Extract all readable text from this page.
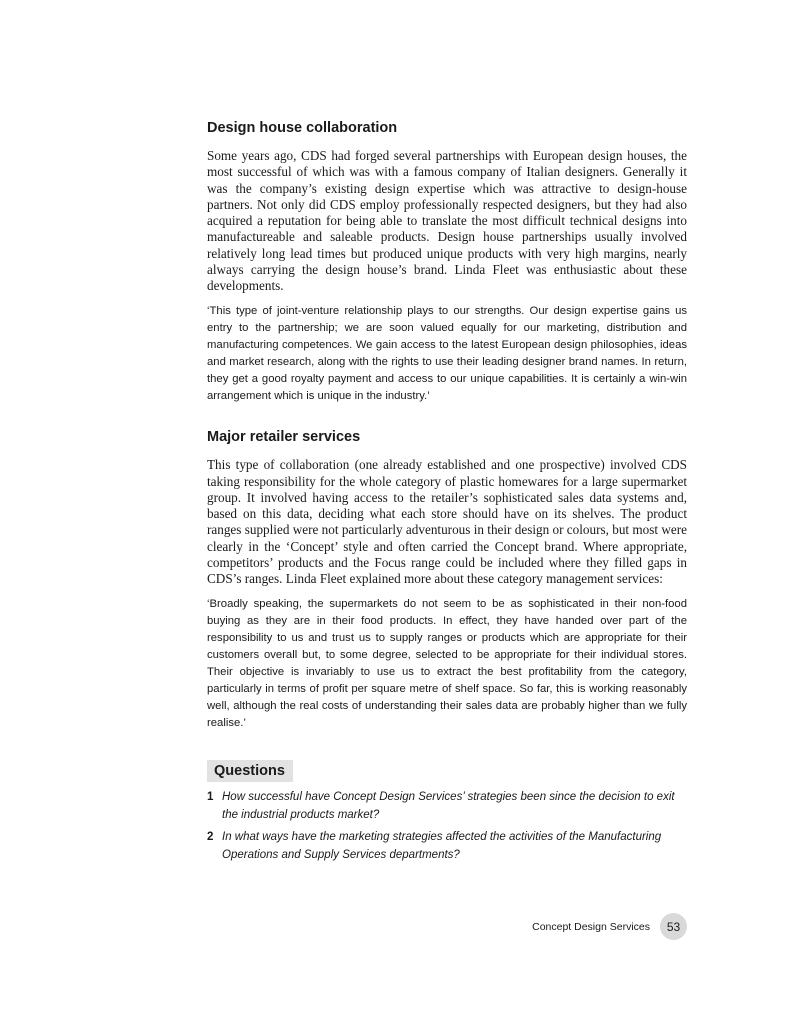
Design house collaboration

Some years ago, CDS had forged several partnerships with European design houses, the most successful of which was with a famous company of Italian designers. Generally it was the company’s existing design expertise which was attractive to design-house partners. Not only did CDS employ professionally respected designers, but they had also acquired a reputation for being able to translate the most difficult technical designs into manufactureable and saleable products. Design house partnerships usually involved relatively long lead times but produced unique products with very high margins, nearly always carrying the design house’s brand. Linda Fleet was enthusiastic about these developments.

‘This type of joint-venture relationship plays to our strengths. Our design expertise gains us entry to the partnership; we are soon valued equally for our marketing, distribution and manufacturing competences. We gain access to the latest European design philosophies, ideas and market research, along with the rights to use their leading designer brand names. In return, they get a good royalty payment and access to our unique capabilities. It is certainly a win-win arrangement which is unique in the industry.’

Major retailer services

This type of collaboration (one already established and one prospective) involved CDS taking responsibility for the whole category of plastic homewares for a large supermarket group. It involved having access to the retailer’s sophisticated sales data systems and, based on this data, deciding what each store should have on its shelves. The product ranges supplied were not particularly adventurous in their design or colours, but most were clearly in the ‘Concept’ style and often carried the Concept brand. Where appropriate, competitors’ products and the Focus range could be included where they filled gaps in CDS’s ranges. Linda Fleet explained more about these category management services:

‘Broadly speaking, the supermarkets do not seem to be as sophisticated in their non-food buying as they are in their food products. In effect, they have handed over part of the responsibility to us and trust us to supply ranges or products which are appropriate for their customers overall but, to some degree, selected to be appropriate for their individual stores. Their objective is invariably to use us to extract the best profitability from the category, particularly in terms of profit per square metre of shelf space. So far, this is working reasonably well, although the real costs of understanding their sales data are probably higher than we fully realise.’

Questions
1 How successful have Concept Design Services’ strategies been since the decision to exit the industrial products market?
2 In what ways have the marketing strategies affected the activities of the Manufacturing Operations and Supply Services departments?
Concept Design Services	53
